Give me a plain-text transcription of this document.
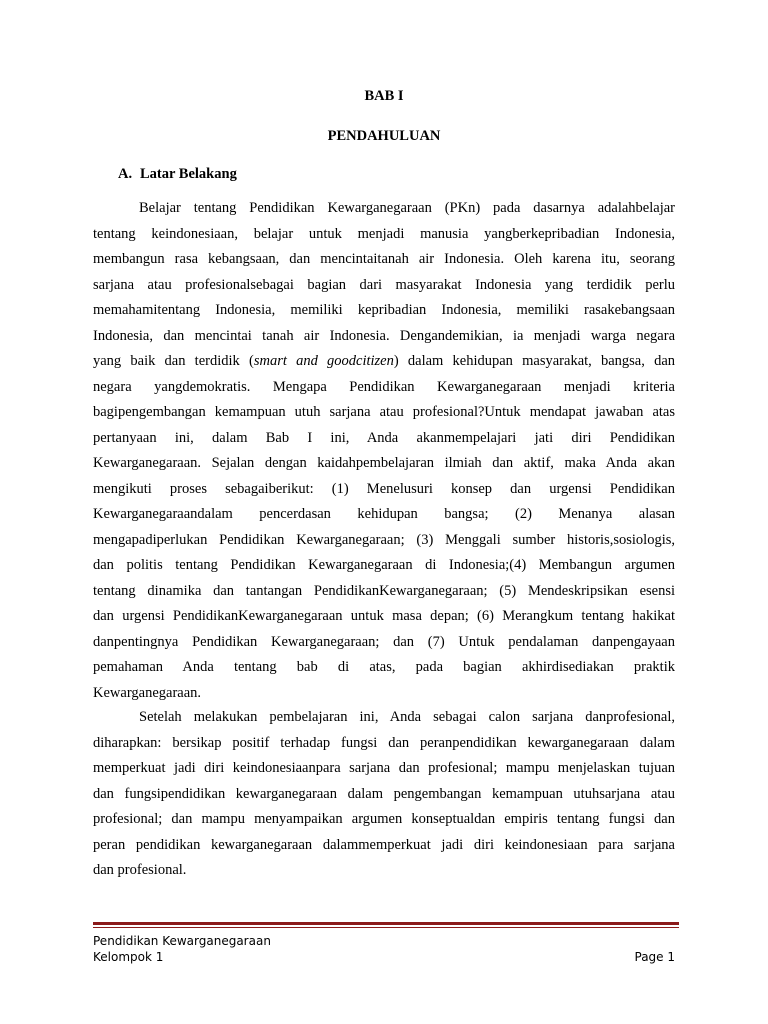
BAB I

PENDAHULUAN

A. Latar Belakang

Belajar tentang Pendidikan Kewarganegaraan (PKn) pada dasarnya adalahbelajar
tentang keindonesiaan, belajar untuk menjadi manusia yangberkepribadian Indonesia,
membangun rasa kebangsaan, dan mencintaitanah air Indonesia. Oleh karena itu, seorang
sarjana atau profesionalsebagai bagian dari masyarakat Indonesia yang terdidik perlu
memahamitentang Indonesia, memiliki kepribadian Indonesia, memiliki rasakebangsaan
Indonesia, dan mencintai tanah air Indonesia. Dengandemikian, ia menjadi warga negara
yang baik dan terdidik (smart and goodcitizen) dalam kehidupan masyarakat, bangsa, dan
negara yangdemokratis. Mengapa Pendidikan Kewarganegaraan menjadi kriteria
bagipengembangan kemampuan utuh sarjana atau profesional?Untuk mendapat jawaban atas
pertanyaan ini, dalam Bab I ini, Anda akanmempelajari jati diri Pendidikan
Kewarganegaraan. Sejalan dengan kaidahpembelajaran ilmiah dan aktif, maka Anda akan
mengikuti proses sebagaiberikut: (1) Menelusuri konsep dan urgensi Pendidikan
Kewarganegaraandalam pencerdasan kehidupan bangsa; (2) Menanya alasan
mengapadiperlukan Pendidikan Kewarganegaraan; (3) Menggali sumber historis,sosiologis,
dan politis tentang Pendidikan Kewarganegaraan di Indonesia;(4) Membangun argumen
tentang dinamika dan tantangan PendidikanKewarganegaraan; (5) Mendeskripsikan esensi
dan urgensi PendidikanKewarganegaraan untuk masa depan; (6) Merangkum tentang hakikat
danpentingnya Pendidikan Kewarganegaraan; dan (7) Untuk pendalaman danpengayaan
pemahaman Anda tentang bab di atas, pada bagian akhirdisediakan praktik
Kewarganegaraan.
Setelah melakukan pembelajaran ini, Anda sebagai calon sarjana danprofesional,
diharapkan: bersikap positif terhadap fungsi dan peranpendidikan kewarganegaraan dalam
memperkuat jadi diri keindonesiaanpara sarjana dan profesional; mampu menjelaskan tujuan
dan fungsipendidikan kewarganegaraan dalam pengembangan kemampuan utuhsarjana atau
profesional; dan mampu menyampaikan argumen konseptualdan empiris tentang fungsi dan
peran pendidikan kewarganegaraan dalammemperkuat jadi diri keindonesiaan para sarjana
dan profesional.

Pendidikan Kewarganegaraan

Kelompok 1	Page 1
